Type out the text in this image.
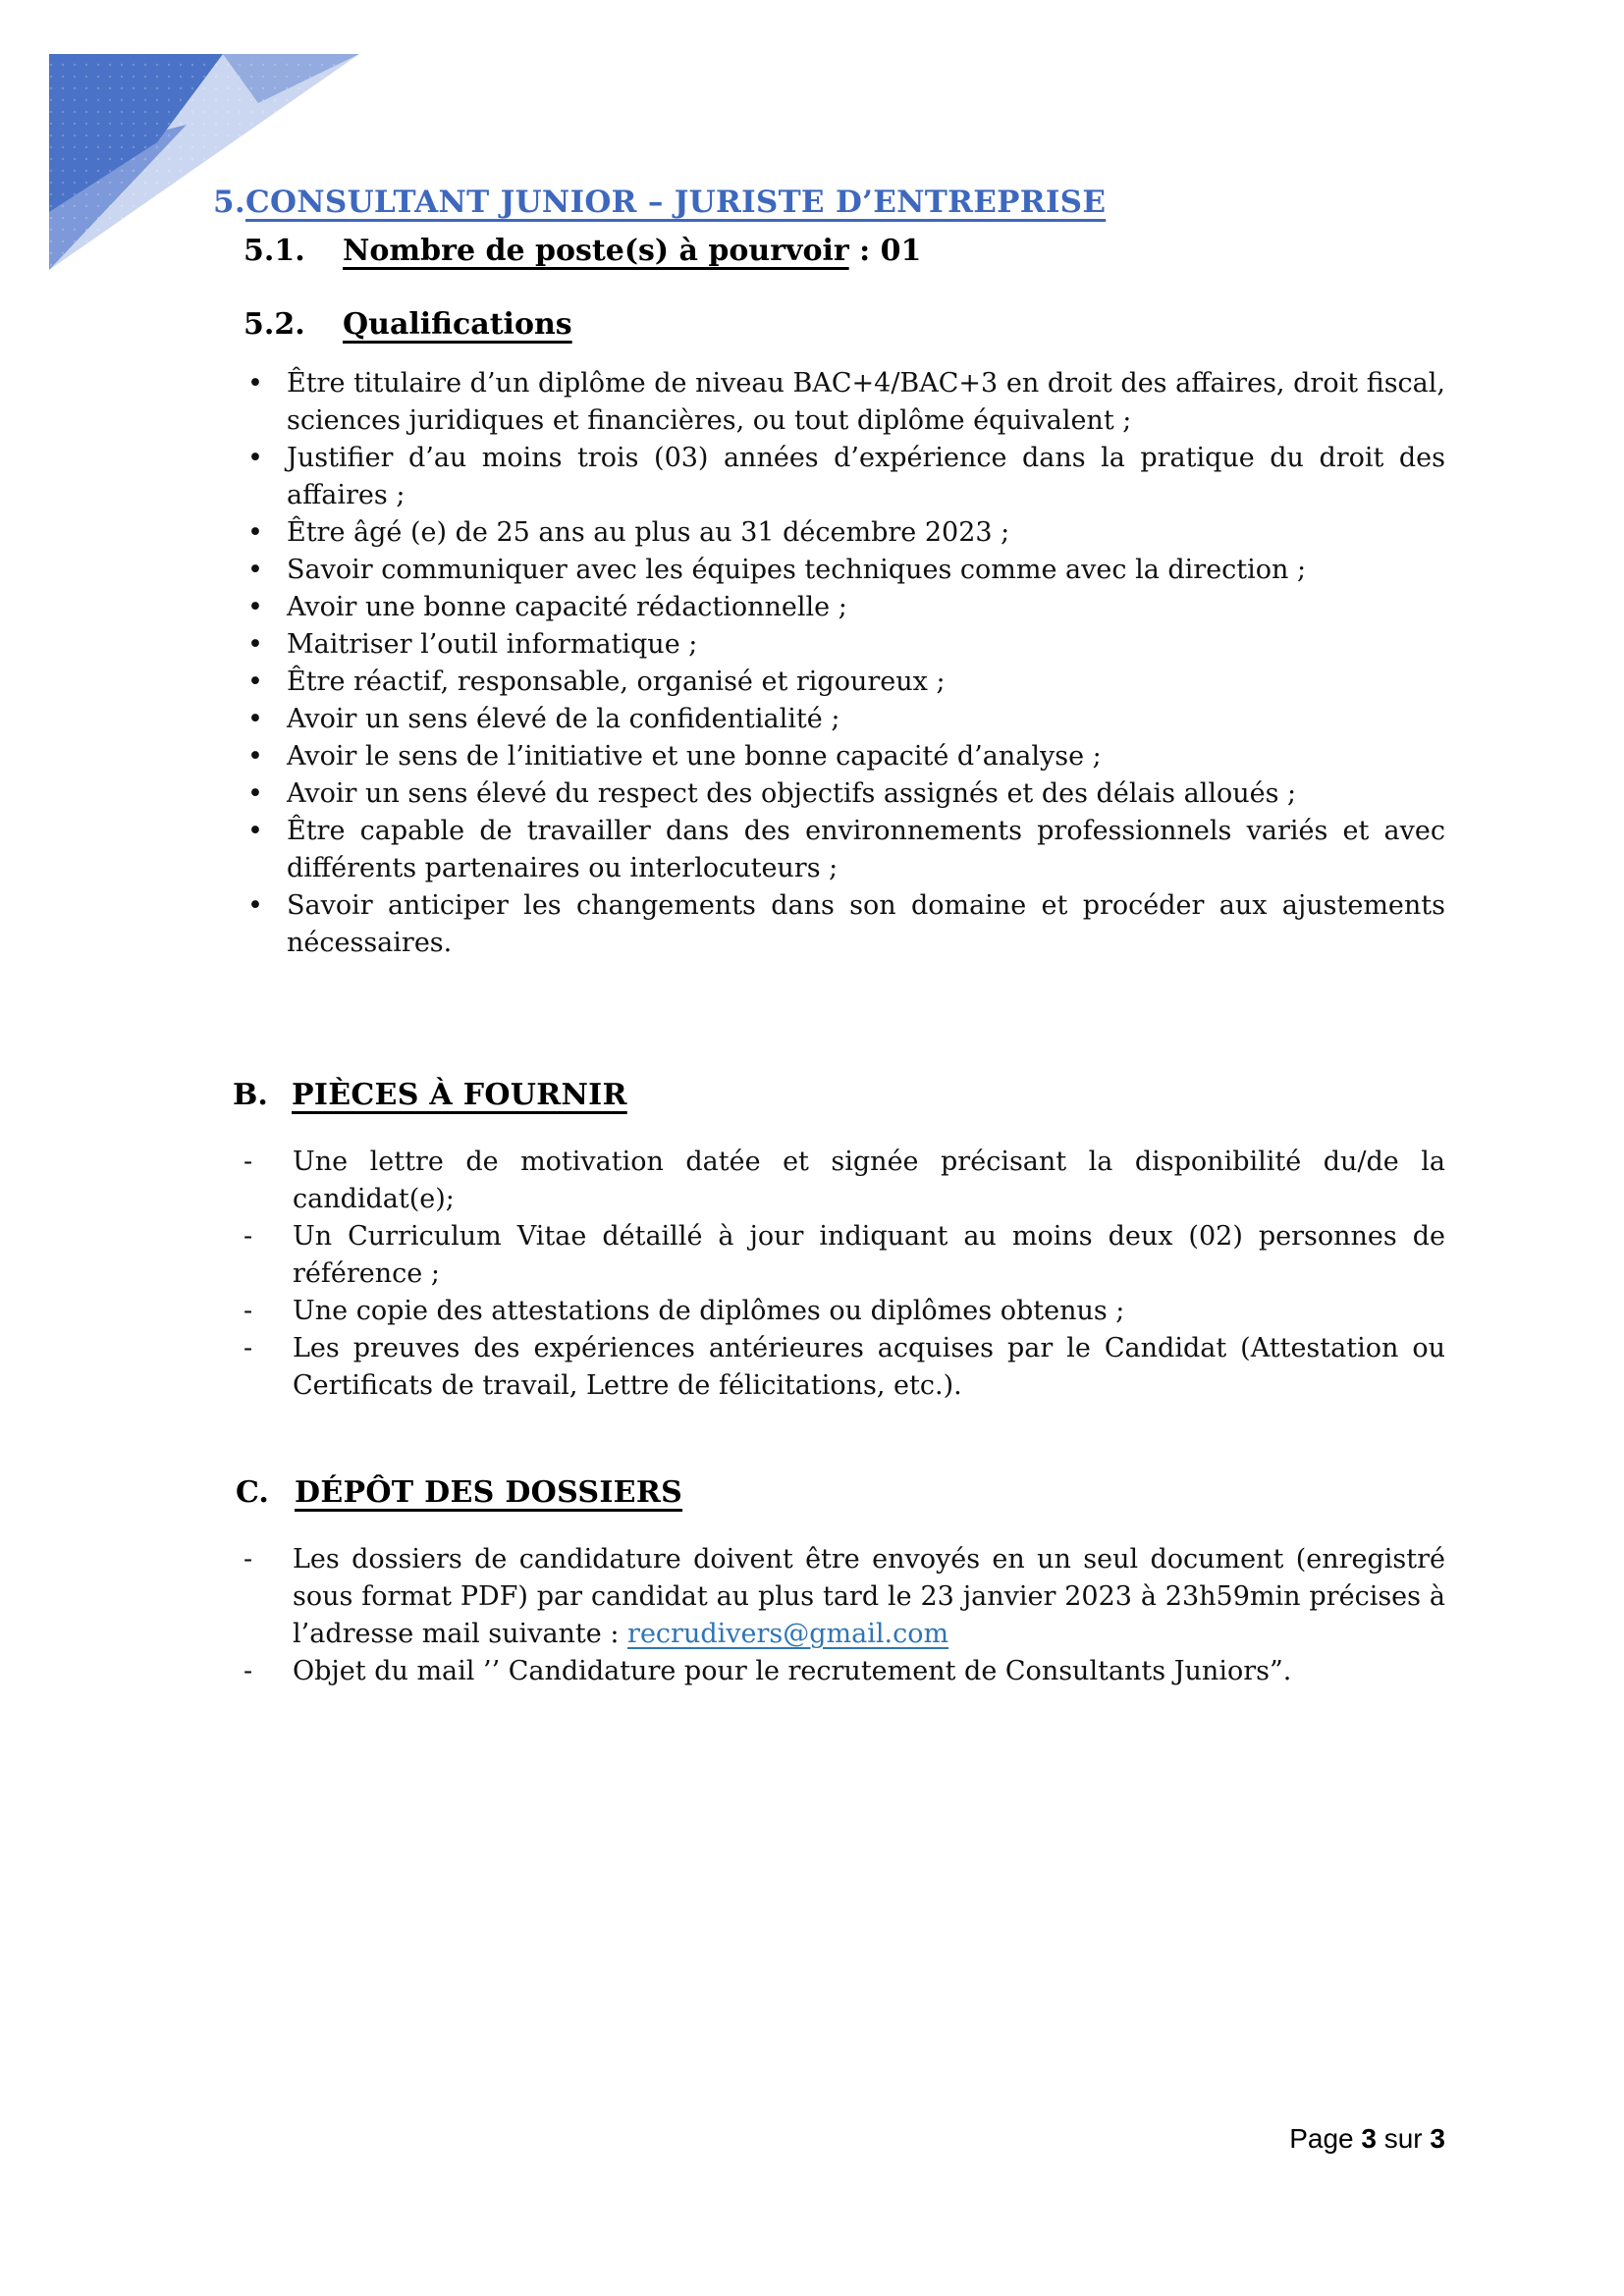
5.CONSULTANT JUNIOR – JURISTE D’ENTREPRISE
5.1. Nombre de poste(s) à pourvoir : 01
5.2. Qualifications
• Être titulaire d’un diplôme de niveau BAC+4/BAC+3 en droit des affaires, droit fiscal, sciences juridiques et financières, ou tout diplôme équivalent ;
• Justifier d’au moins trois (03) années d’expérience dans la pratique du droit des affaires ;
• Être âgé (e) de 25 ans au plus au 31 décembre 2023 ;
• Savoir communiquer avec les équipes techniques comme avec la direction ;
• Avoir une bonne capacité rédactionnelle ;
• Maitriser l’outil informatique ;
• Être réactif, responsable, organisé et rigoureux ;
• Avoir un sens élevé de la confidentialité ;
• Avoir le sens de l’initiative et une bonne capacité d’analyse ;
• Avoir un sens élevé du respect des objectifs assignés et des délais alloués ;
• Être capable de travailler dans des environnements professionnels variés et avec différents partenaires ou interlocuteurs ;
• Savoir anticiper les changements dans son domaine et procéder aux ajustements nécessaires.
B. PIÈCES À FOURNIR
- Une lettre de motivation datée et signée précisant la disponibilité du/de la candidat(e);
- Un Curriculum Vitae détaillé à jour indiquant au moins deux (02) personnes de référence ;
- Une copie des attestations de diplômes ou diplômes obtenus ;
- Les preuves des expériences antérieures acquises par le Candidat (Attestation ou Certificats de travail, Lettre de félicitations, etc.).
C. DÉPÔT DES DOSSIERS
- Les dossiers de candidature doivent être envoyés en un seul document (enregistré sous format PDF) par candidat au plus tard le 23 janvier 2023 à 23h59min précises à l’adresse mail suivante : recrudivers@gmail.com
- Objet du mail ’’ Candidature pour le recrutement de Consultants Juniors”.
Page 3 sur 3
